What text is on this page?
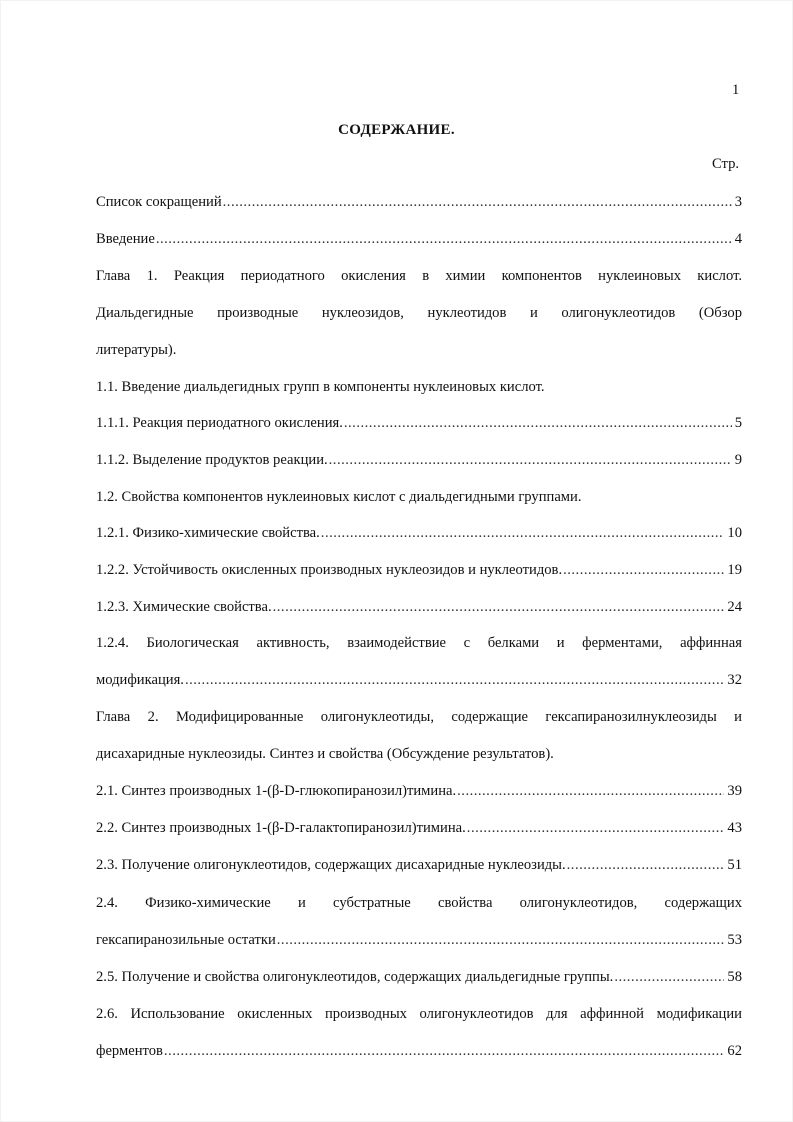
1
СОДЕРЖАНИЕ.
Стр.
Список сокращений .....	3
Введение .....	4
Глава 1. Реакция периодатного окисления в химии компонентов нуклеиновых кислот.
Диальдегидные производные нуклеозидов, нуклеотидов и олигонуклеотидов (Обзор
литературы).
1.1. Введение диальдегидных групп в компоненты нуклеиновых кислот.
1.1.1. Реакция периодатного окисления. .....	5
1.1.2. Выделение продуктов реакции. .....	9
1.2. Свойства компонентов нуклеиновых кислот с диальдегидными группами.
1.2.1. Физико-химические свойства. .....	10
1.2.2. Устойчивость окисленных производных нуклеозидов и нуклеотидов. .....	19
1.2.3. Химические свойства. .....	24
1.2.4. Биологическая активность, взаимодействие с белками и ферментами, аффинная
модификация. .....	32
Глава 2. Модифицированные олигонуклеотиды, содержащие гексапиранозилнуклеозиды и
дисахаридные нуклеозиды. Синтез и свойства (Обсуждение результатов).
2.1. Синтез производных 1-(β-D-глюкопиранозил)тимина. .....	39
2.2. Синтез производных 1-(β-D-галактопиранозил)тимина. .....	43
2.3. Получение олигонуклеотидов, содержащих дисахаридные нуклеозиды. .....	51
2.4. Физико-химические и субстратные свойства олигонуклеотидов, содержащих
гексапиранозильные остатки .....	53
2.5. Получение и свойства олигонуклеотидов, содержащих диальдегидные группы. .....	58
2.6. Использование окисленных производных олигонуклеотидов для аффинной модификации
ферментов .....	62
